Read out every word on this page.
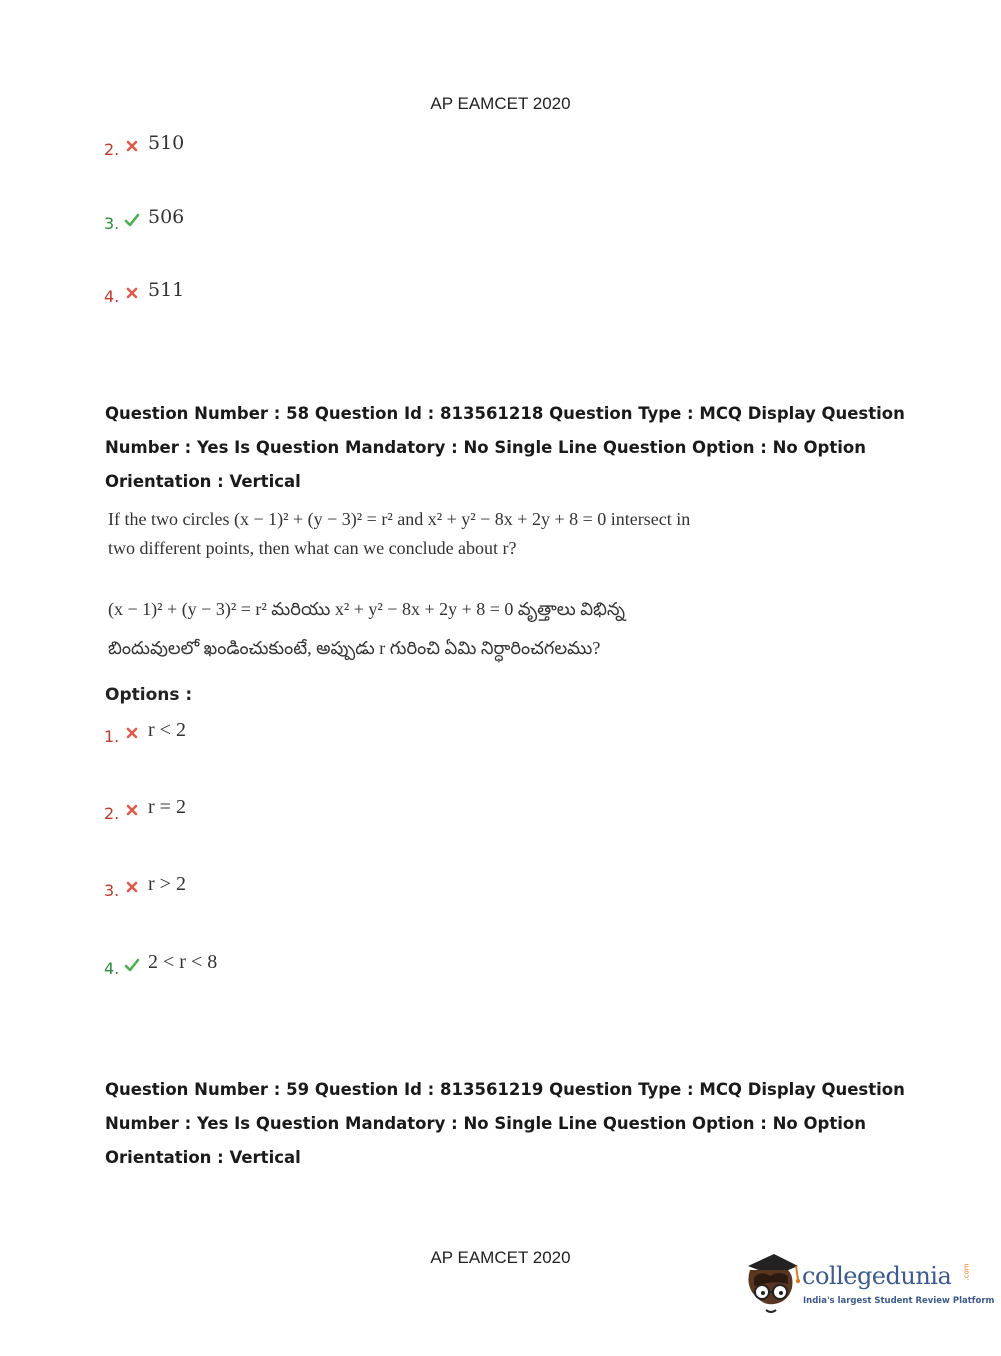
AP EAMCET 2020
2. 510
3. 506
4. 511
Question Number : 58 Question Id : 813561218 Question Type : MCQ Display Question
Number : Yes Is Question Mandatory : No Single Line Question Option : No Option
Orientation : Vertical
If the two circles (x − 1)² + (y − 3)² = r² and x² + y² − 8x + 2y + 8 = 0 intersect in
two different points, then what can we conclude about r?
(x − 1)² + (y − 3)² = r² మరియు x² + y² − 8x + 2y + 8 = 0 వృత్తాలు విభిన్న
బిందువులలో ఖండించుకుంటే, అప్పుడు r గురించి ఏమి నిర్ధారించగలము?
Options :
1. r < 2
2. r = 2
3. r > 2
4. 2 < r < 8
Question Number : 59 Question Id : 813561219 Question Type : MCQ Display Question
Number : Yes Is Question Mandatory : No Single Line Question Option : No Option
Orientation : Vertical
AP EAMCET 2020
collegedunia .com
India's largest Student Review Platform
